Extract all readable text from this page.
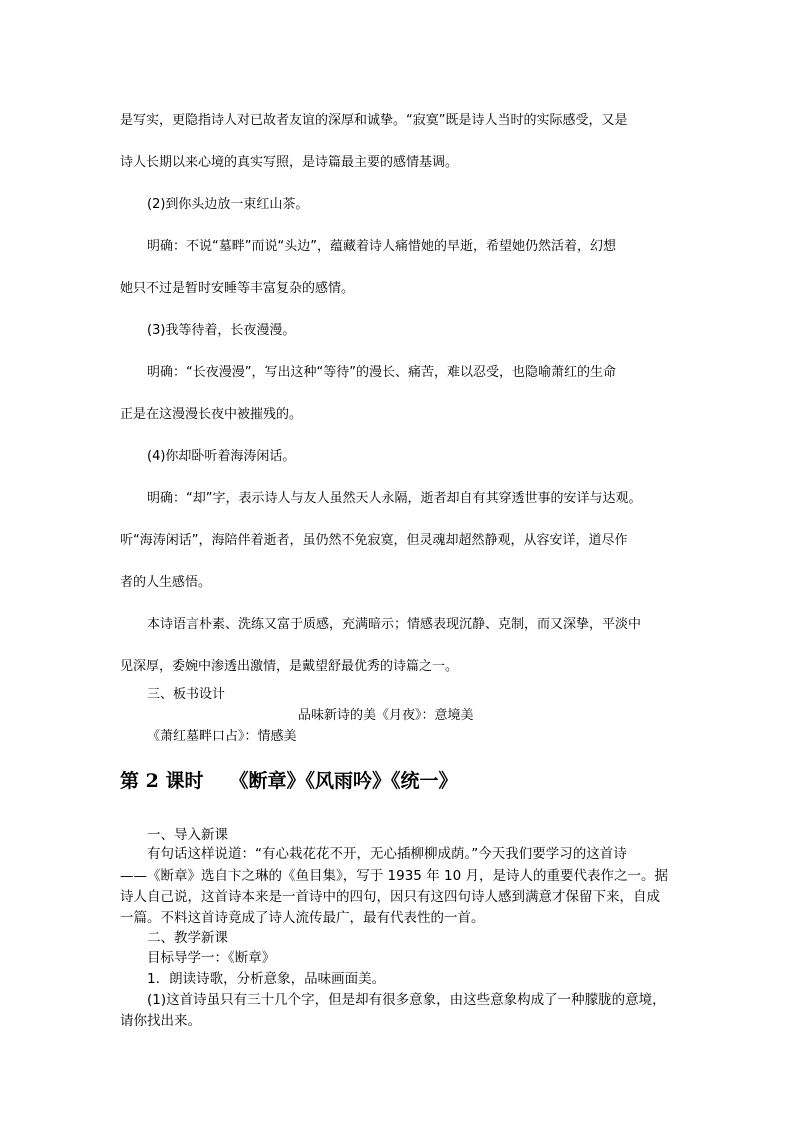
是写实，更隐指诗人对已故者友谊的深厚和诚挚。“寂寞”既是诗人当时的实际感受，又是
诗人长期以来心境的真实写照，是诗篇最主要的感情基调。
(2)到你头边放一束红山茶。
明确：不说“墓畔”而说“头边”，蕴藏着诗人痛惜她的早逝，希望她仍然活着，幻想
她只不过是暂时安睡等丰富复杂的感情。
(3)我等待着，长夜漫漫。
明确：“长夜漫漫”，写出这种“等待”的漫长、痛苦，难以忍受，也隐喻萧红的生命
正是在这漫漫长夜中被摧残的。
(4)你却卧听着海涛闲话。
明确：“却”字，表示诗人与友人虽然天人永隔，逝者却自有其穿透世事的安详与达观。
听“海涛闲话”，海陪伴着逝者，虽仍然不免寂寞，但灵魂却超然静观，从容安详，道尽作
者的人生感悟。
本诗语言朴素、洗练又富于质感，充满暗示；情感表现沉静、克制，而又深挚，平淡中
见深厚，委婉中渗透出激情，是戴望舒最优秀的诗篇之一。
三、板书设计
品味新诗的美《月夜》：意境美
《萧红墓畔口占》：情感美
第 2 课时 《断章》《风雨吟》《统一》
一、导入新课
有句话这样说道：“有心栽花花不开，无心插柳柳成荫。”今天我们要学习的这首诗
——《断章》选自卞之琳的《鱼目集》，写于 1935 年 10 月，是诗人的重要代表作之一。据
诗人自己说，这首诗本来是一首诗中的四句，因只有这四句诗人感到满意才保留下来，自成
一篇。不料这首诗竟成了诗人流传最广，最有代表性的一首。
二、教学新课
目标导学一：《断章》
1．朗读诗歌，分析意象，品味画面美。
(1)这首诗虽只有三十几个字，但是却有很多意象，由这些意象构成了一种朦胧的意境，
请你找出来。
